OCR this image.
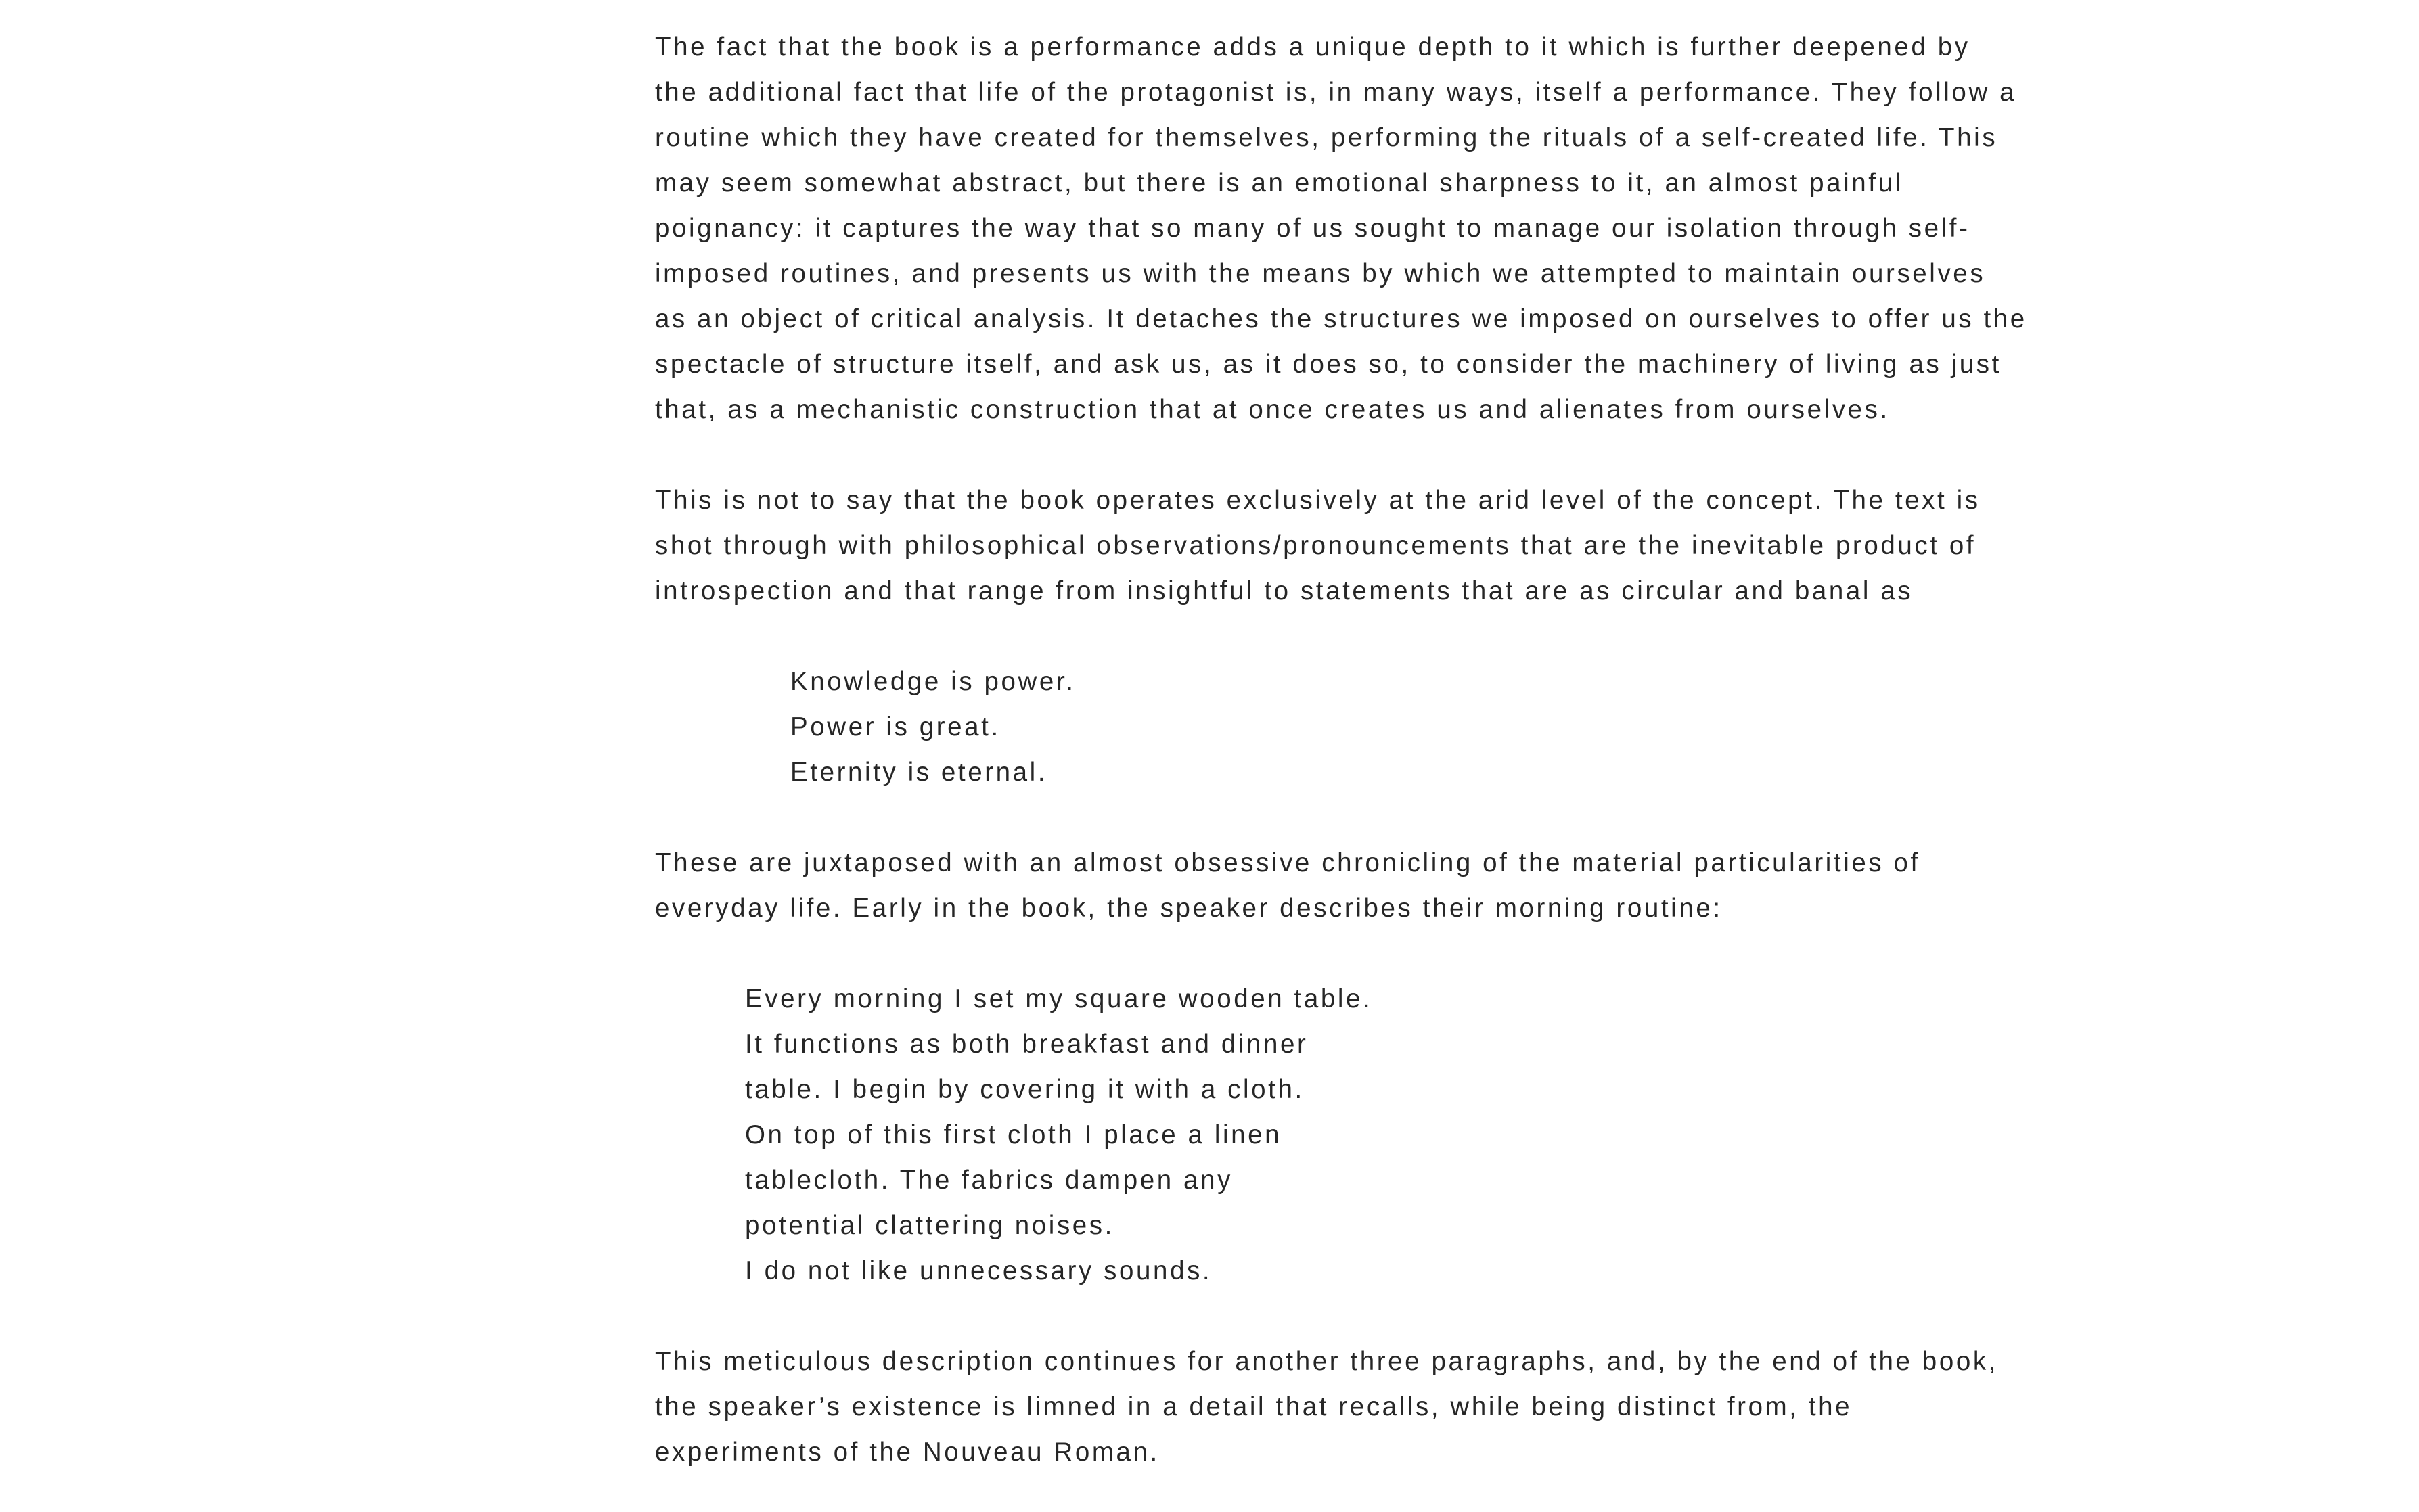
The fact that the book is a performance adds a unique depth to it which is further deepened by
the additional fact that life of the protagonist is, in many ways, itself a performance. They follow a
routine which they have created for themselves, performing the rituals of a self-created life. This
may seem somewhat abstract, but there is an emotional sharpness to it, an almost painful
poignancy: it captures the way that so many of us sought to manage our isolation through self-
imposed routines, and presents us with the means by which we attempted to maintain ourselves
as an object of critical analysis. It detaches the structures we imposed on ourselves to offer us the
spectacle of structure itself, and ask us, as it does so, to consider the machinery of living as just
that, as a mechanistic construction that at once creates us and alienates from ourselves.

This is not to say that the book operates exclusively at the arid level of the concept. The text is
shot through with philosophical observations/pronouncements that are the inevitable product of
introspection and that range from insightful to statements that are as circular and banal as

Knowledge is power.
Power is great.
Eternity is eternal.

These are juxtaposed with an almost obsessive chronicling of the material particularities of
everyday life. Early in the book, the speaker describes their morning routine:

Every morning I set my square wooden table.
It functions as both breakfast and dinner
table. I begin by covering it with a cloth.
On top of this first cloth I place a linen
tablecloth. The fabrics dampen any
potential clattering noises.
I do not like unnecessary sounds.

This meticulous description continues for another three paragraphs, and, by the end of the book,
the speaker’s existence is limned in a detail that recalls, while being distinct from, the
experiments of the Nouveau Roman.
